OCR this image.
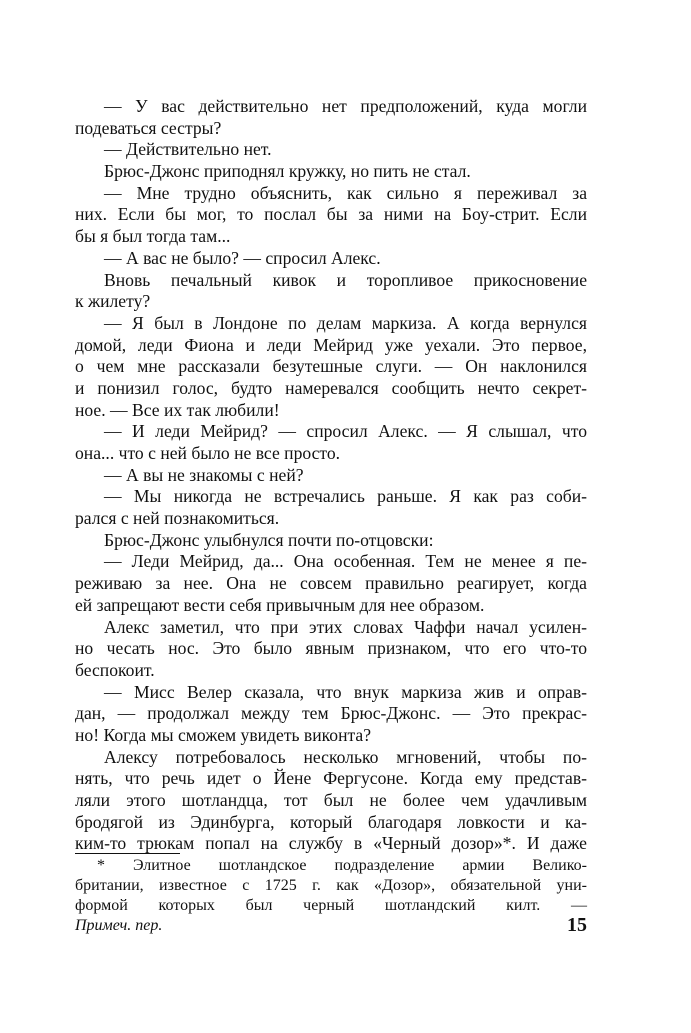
— У вас действительно нет предположений, куда могли
подеваться сестры?
— Действительно нет.
Брюс-Джонс приподнял кружку, но пить не стал.
— Мне трудно объяснить, как сильно я переживал за
них. Если бы мог, то послал бы за ними на Боу-стрит. Если
бы я был тогда там...
— А вас не было? — спросил Алекс.
Вновь печальный кивок и торопливое прикосновение
к жилету?
— Я был в Лондоне по делам маркиза. А когда вернулся
домой, леди Фиона и леди Мейрид уже уехали. Это первое,
о чем мне рассказали безутешные слуги. — Он наклонился
и понизил голос, будто намеревался сообщить нечто секрет-
ное. — Все их так любили!
— И леди Мейрид? — спросил Алекс. — Я слышал, что
она... что с ней было не все просто.
— А вы не знакомы с ней?
— Мы никогда не встречались раньше. Я как раз соби-
рался с ней познакомиться.
Брюс-Джонс улыбнулся почти по-отцовски:
— Леди Мейрид, да... Она особенная. Тем не менее я пе-
реживаю за нее. Она не совсем правильно реагирует, когда
ей запрещают вести себя привычным для нее образом.
Алекс заметил, что при этих словах Чаффи начал усилен-
но чесать нос. Это было явным признаком, что его что-то
беспокоит.
— Мисс Велер сказала, что внук маркиза жив и оправ-
дан, — продолжал между тем Брюс-Джонс. — Это прекрас-
но! Когда мы сможем увидеть виконта?
Алексу потребовалось несколько мгновений, чтобы по-
нять, что речь идет о Йене Фергусоне. Когда ему представ-
ляли этого шотландца, тот был не более чем удачливым
бродягой из Эдинбурга, который благодаря ловкости и ка-
ким-то трюкам попал на службу в «Черный дозор»*. И даже
* Элитное шотландское подразделение армии Велико-
британии, известное с 1725 г. как «Дозор», обязательной уни-
формой которых был черный шотландский килт. —
Примеч. пер.	15
